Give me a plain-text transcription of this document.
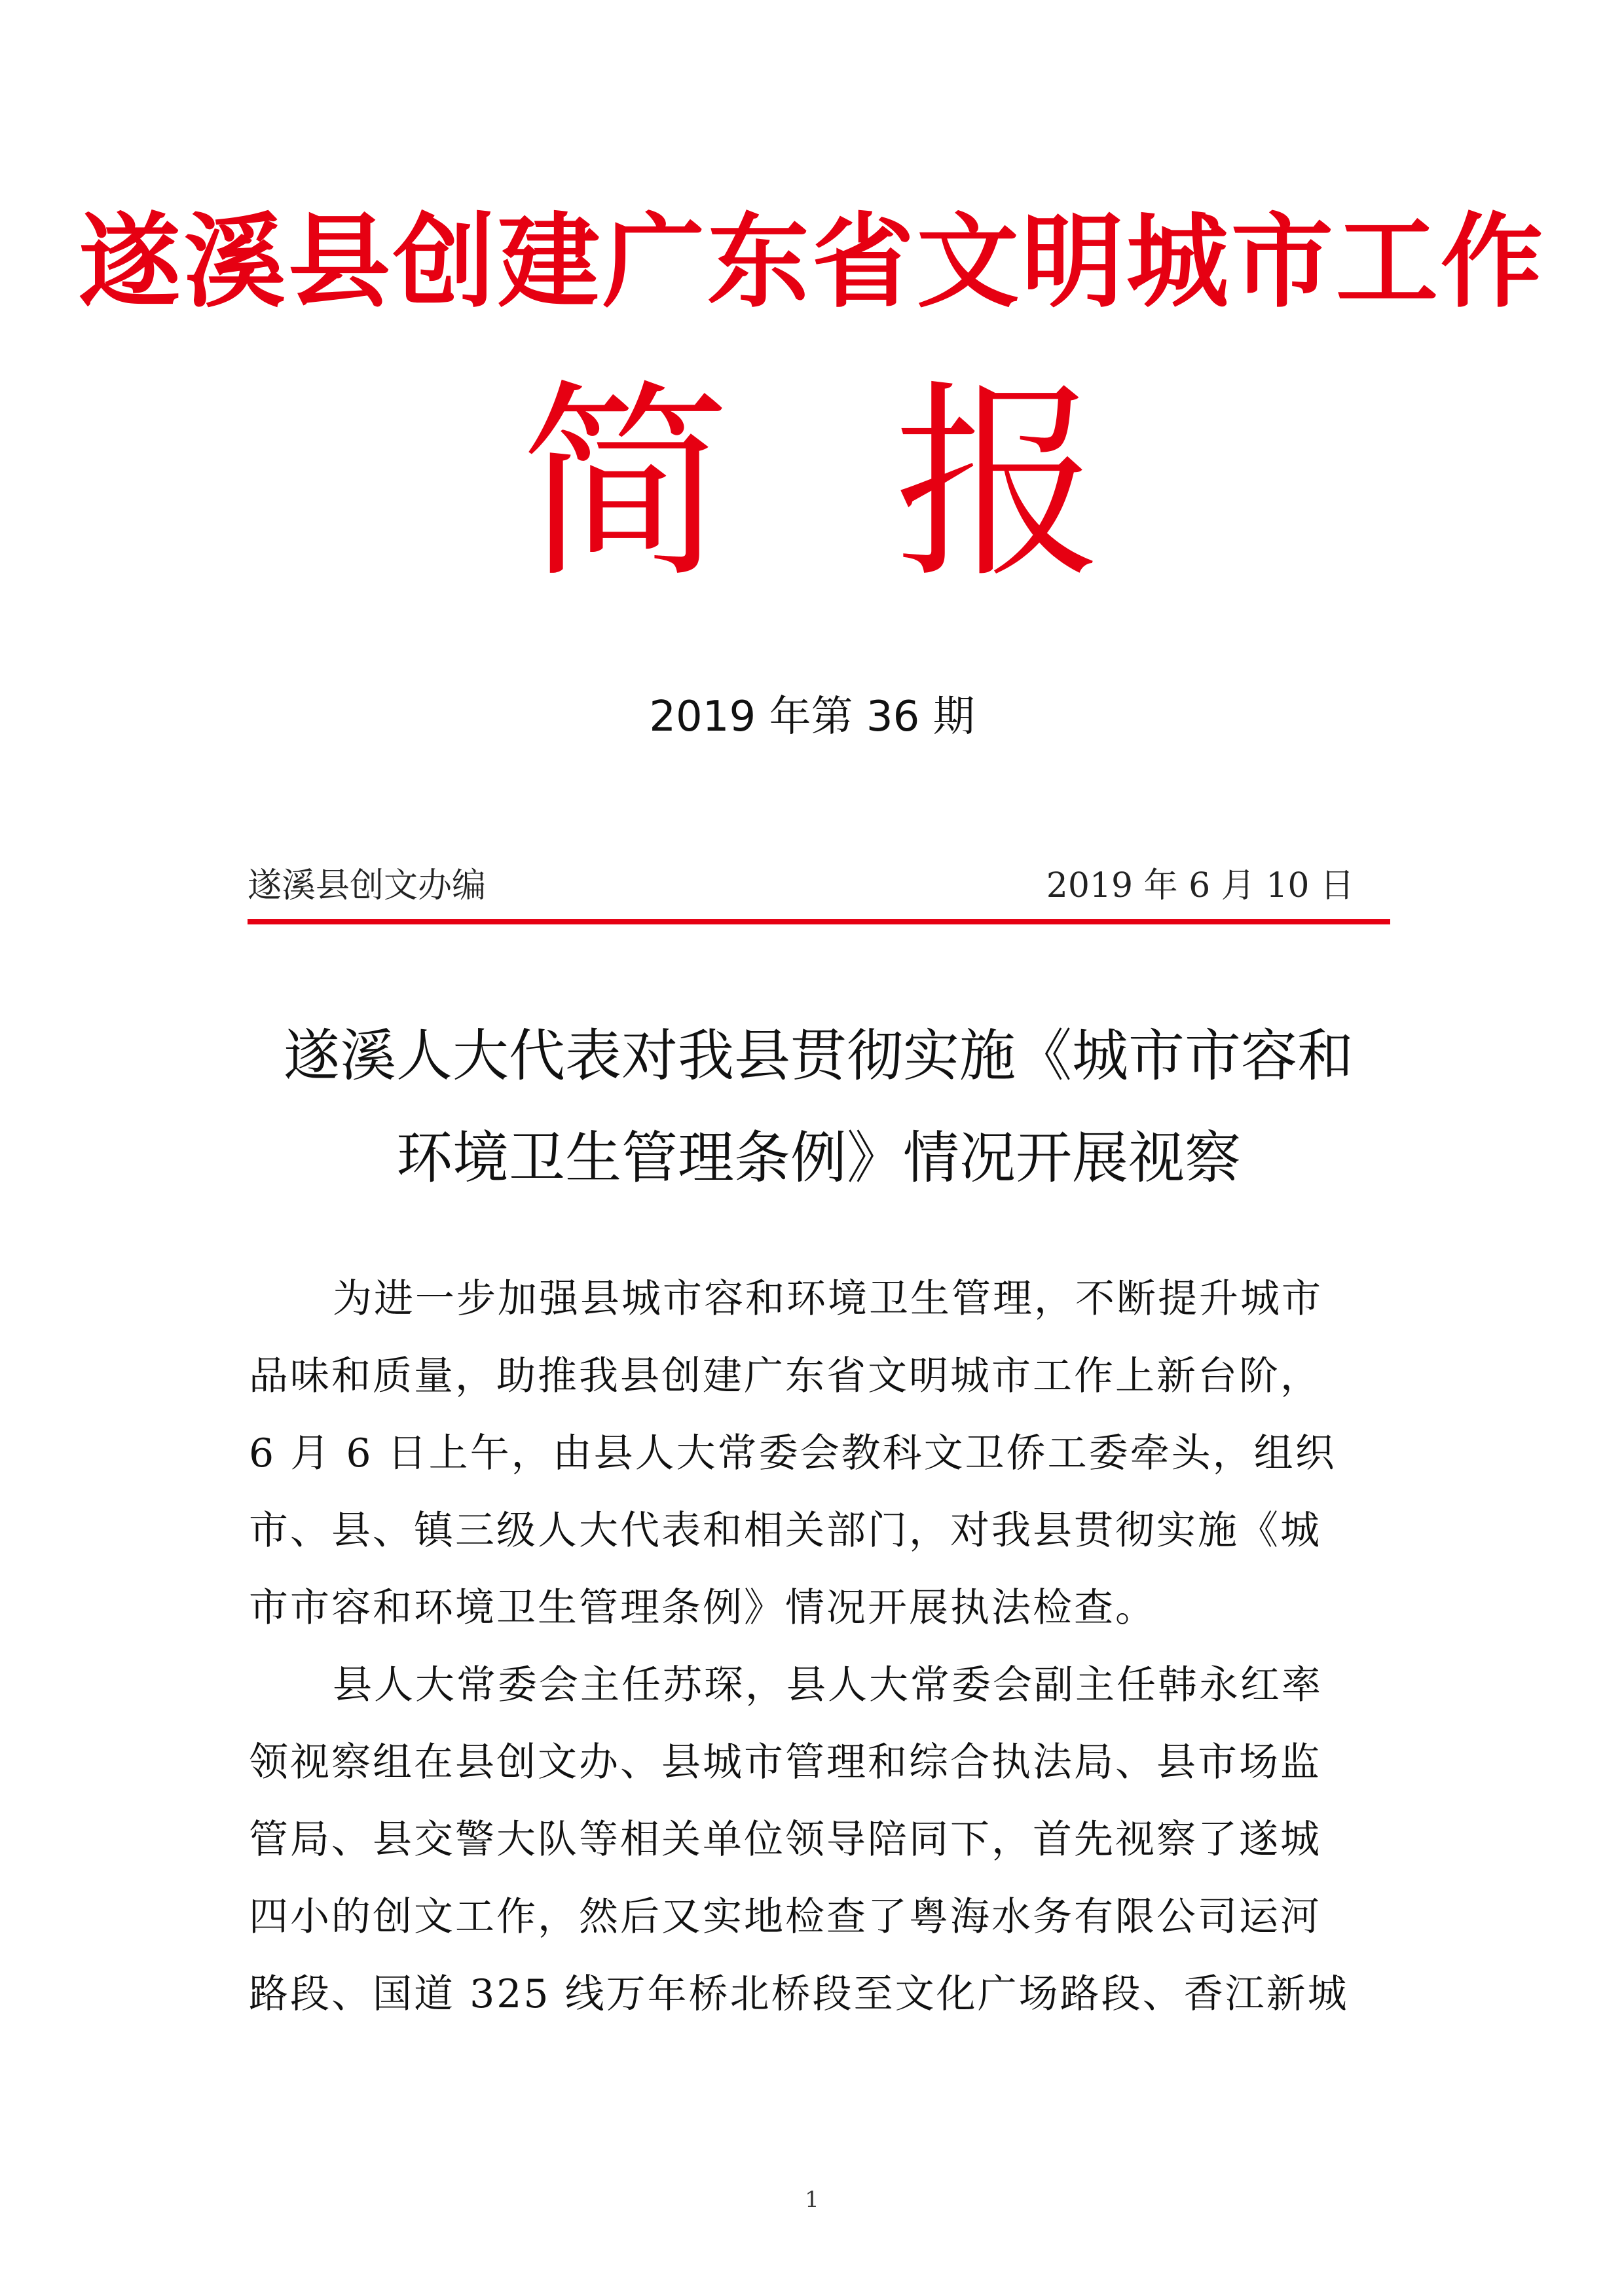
遂溪县创建广东省文明城市工作
简 报
2019 年第 36 期
遂溪县创文办编	2019 年 6 月 10 日
遂溪人大代表对我县贯彻实施《城市市容和
环境卫生管理条例》情况开展视察
为进一步加强县城市容和环境卫生管理，不断提升城市
品味和质量，助推我县创建广东省文明城市工作上新台阶，
6 月 6 日上午，由县人大常委会教科文卫侨工委牵头，组织
市、县、镇三级人大代表和相关部门，对我县贯彻实施《城
市市容和环境卫生管理条例》情况开展执法检查。
县人大常委会主任苏琛，县人大常委会副主任韩永红率
领视察组在县创文办、县城市管理和综合执法局、县市场监
管局、县交警大队等相关单位领导陪同下，首先视察了遂城
四小的创文工作，然后又实地检查了粤海水务有限公司运河
路段、国道 325 线万年桥北桥段至文化广场路段、香江新城
1
